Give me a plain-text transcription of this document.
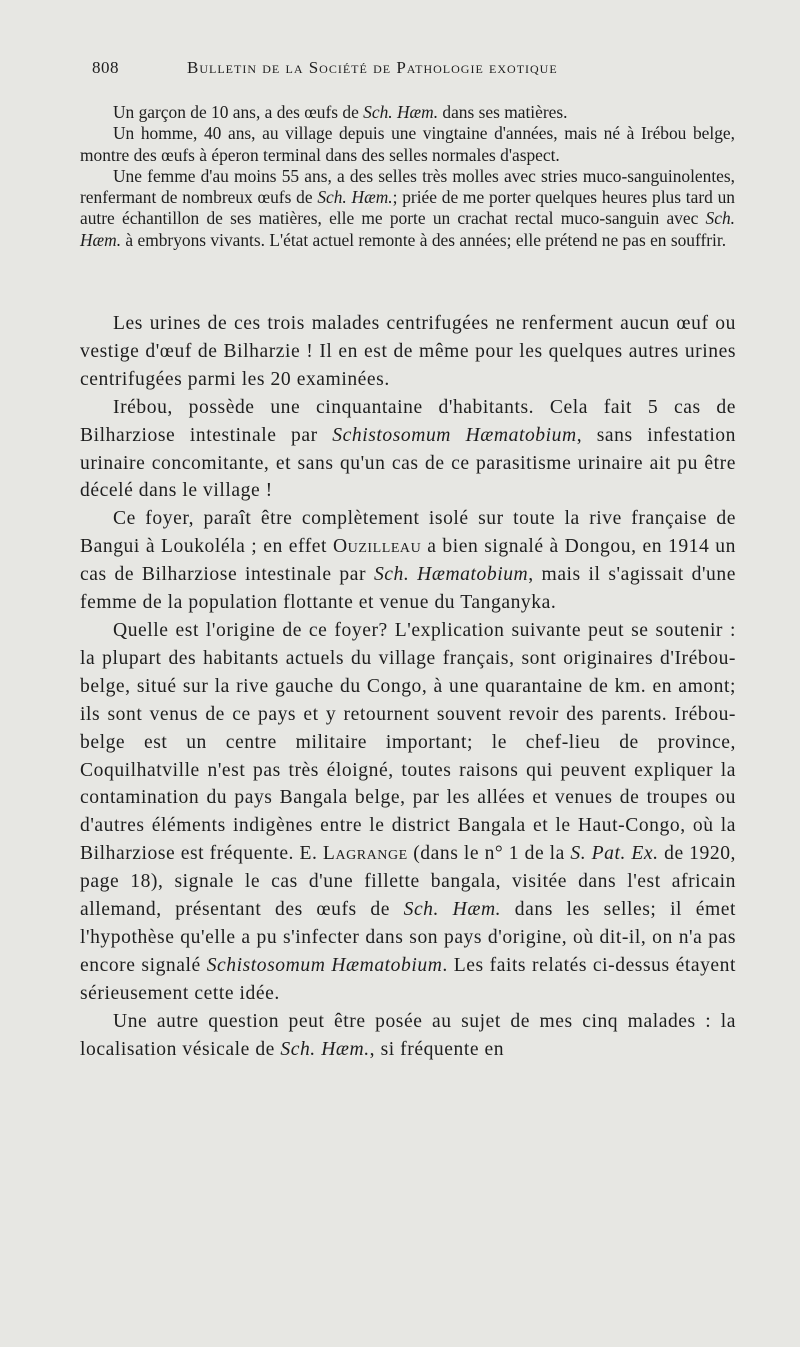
808	Bulletin de la Société de Pathologie exotique

Un garçon de 10 ans, a des œufs de Sch. Hæm. dans ses matières.

Un homme, 40 ans, au village depuis une vingtaine d'années, mais né à Irébou belge, montre des œufs à éperon terminal dans des selles normales d'aspect.

Une femme d'au moins 55 ans, a des selles très molles avec stries muco-sanguinolentes, renfermant de nombreux œufs de Sch. Hæm.; priée de me porter quelques heures plus tard un autre échantillon de ses matières, elle me porte un crachat rectal muco-sanguin avec Sch. Hæm. à embryons vivants. L'état actuel remonte à des années; elle prétend ne pas en souffrir.

Les urines de ces trois malades centrifugées ne renferment aucun œuf ou vestige d'œuf de Bilharzie ! Il en est de même pour les quelques autres urines centrifugées parmi les 20 examinées.

Irébou, possède une cinquantaine d'habitants. Cela fait 5 cas de Bilharziose intestinale par Schistosomum Hæmatobium, sans infestation urinaire concomitante, et sans qu'un cas de ce parasitisme urinaire ait pu être décelé dans le village !

Ce foyer, paraît être complètement isolé sur toute la rive française de Bangui à Loukoléla ; en effet Ouzilleau a bien signalé à Dongou, en 1914 un cas de Bilharziose intestinale par Sch. Hæmatobium, mais il s'agissait d'une femme de la population flottante et venue du Tanganyka.

Quelle est l'origine de ce foyer? L'explication suivante peut se soutenir : la plupart des habitants actuels du village français, sont originaires d'Irébou-belge, situé sur la rive gauche du Congo, à une quarantaine de km. en amont; ils sont venus de ce pays et y retournent souvent revoir des parents. Irébou-belge est un centre militaire important; le chef-lieu de province, Coquilhatville n'est pas très éloigné, toutes raisons qui peuvent expliquer la contamination du pays Bangala belge, par les allées et venues de troupes ou d'autres éléments indigènes entre le district Bangala et le Haut-Congo, où la Bilharziose est fréquente. E. Lagrange (dans le n° 1 de la S. Pat. Ex. de 1920, page 18), signale le cas d'une fillette bangala, visitée dans l'est africain allemand, présentant des œufs de Sch. Hæm. dans les selles; il émet l'hypothèse qu'elle a pu s'infecter dans son pays d'origine, où dit-il, on n'a pas encore signalé Schistosomum Hæmatobium. Les faits relatés ci-dessus étayent sérieusement cette idée.

Une autre question peut être posée au sujet de mes cinq malades : la localisation vésicale de Sch. Hæm., si fréquente en
